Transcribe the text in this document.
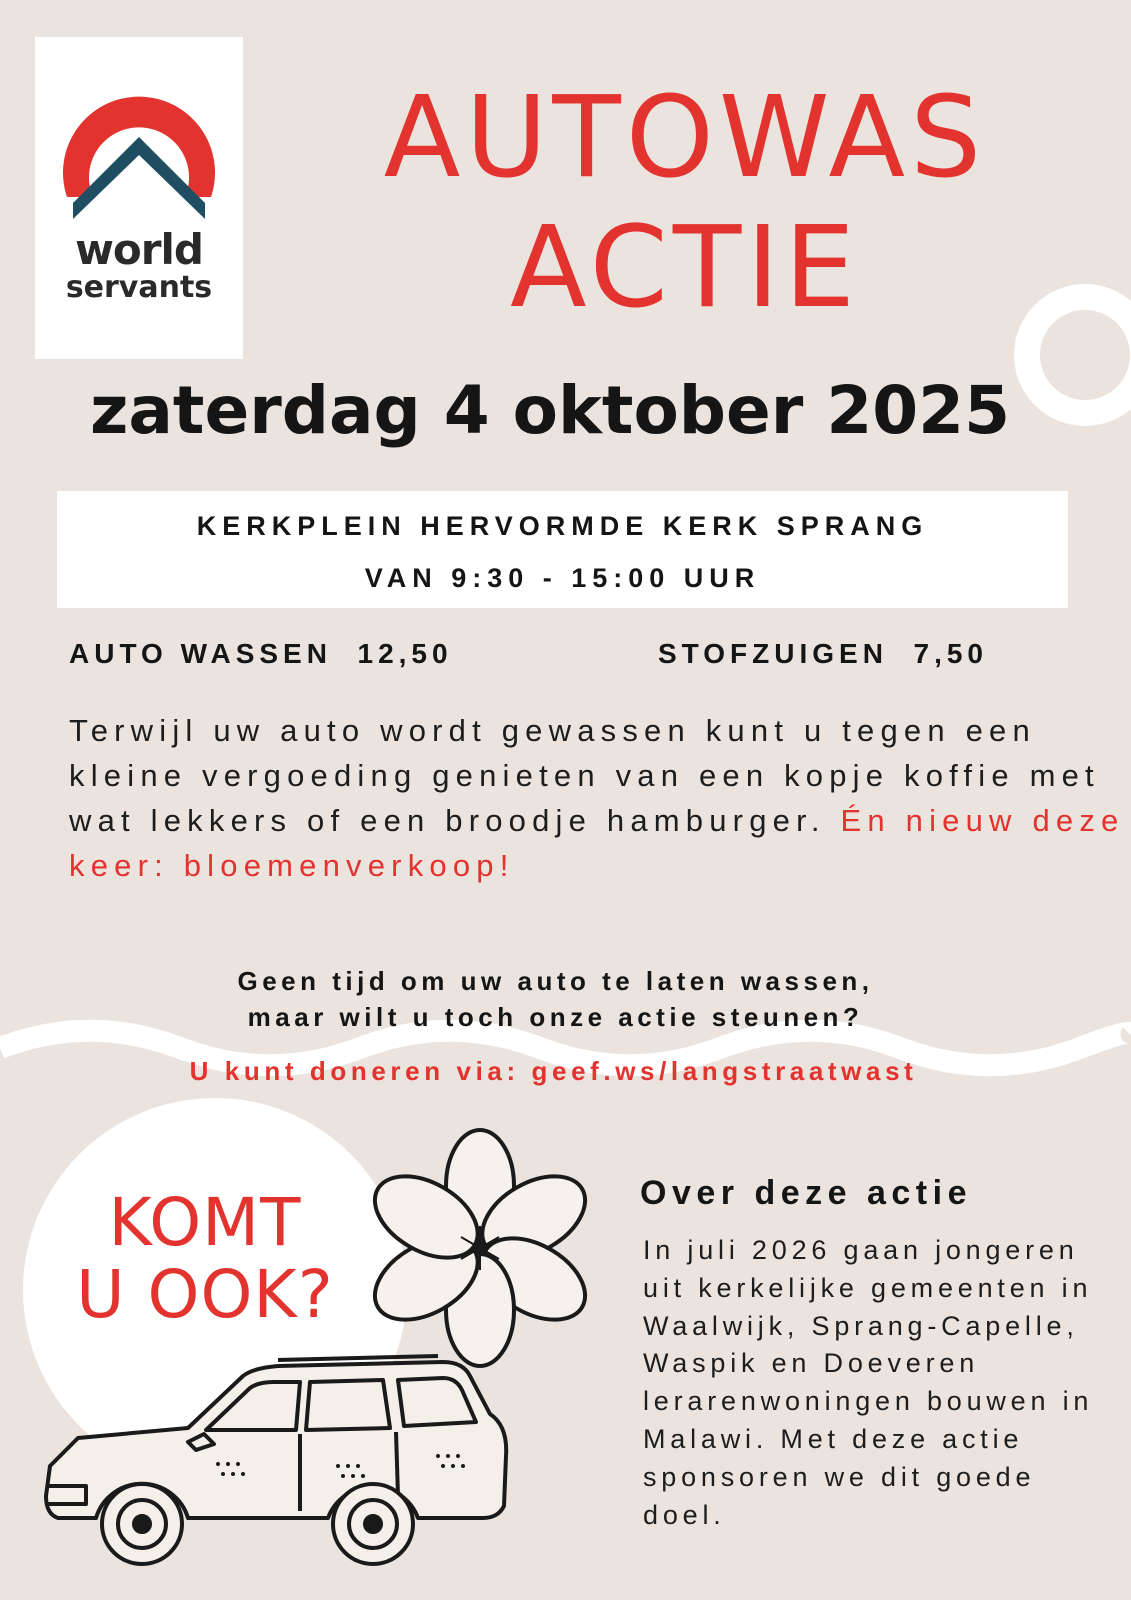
world
servants
AUTOWAS
ACTIE
zaterdag 4 oktober 2025
KERKPLEIN HERVORMDE KERK SPRANG
VAN 9:30 - 15:00 UUR
AUTO WASSEN  12,50	STOFZUIGEN  7,50
Terwijl uw auto wordt gewassen kunt u tegen een kleine vergoeding genieten van een kopje koffie met wat lekkers of een broodje hamburger. Én nieuw deze keer: bloemenverkoop!
Geen tijd om uw auto te laten wassen,
maar wilt u toch onze actie steunen?
U kunt doneren via: geef.ws/langstraatwast
KOMT
U OOK?
Over deze actie
In juli 2026 gaan jongeren uit kerkelijke gemeenten in Waalwijk, Sprang-Capelle, Waspik en Doeveren lerarenwoningen bouwen in Malawi. Met deze actie sponsoren we dit goede doel.
